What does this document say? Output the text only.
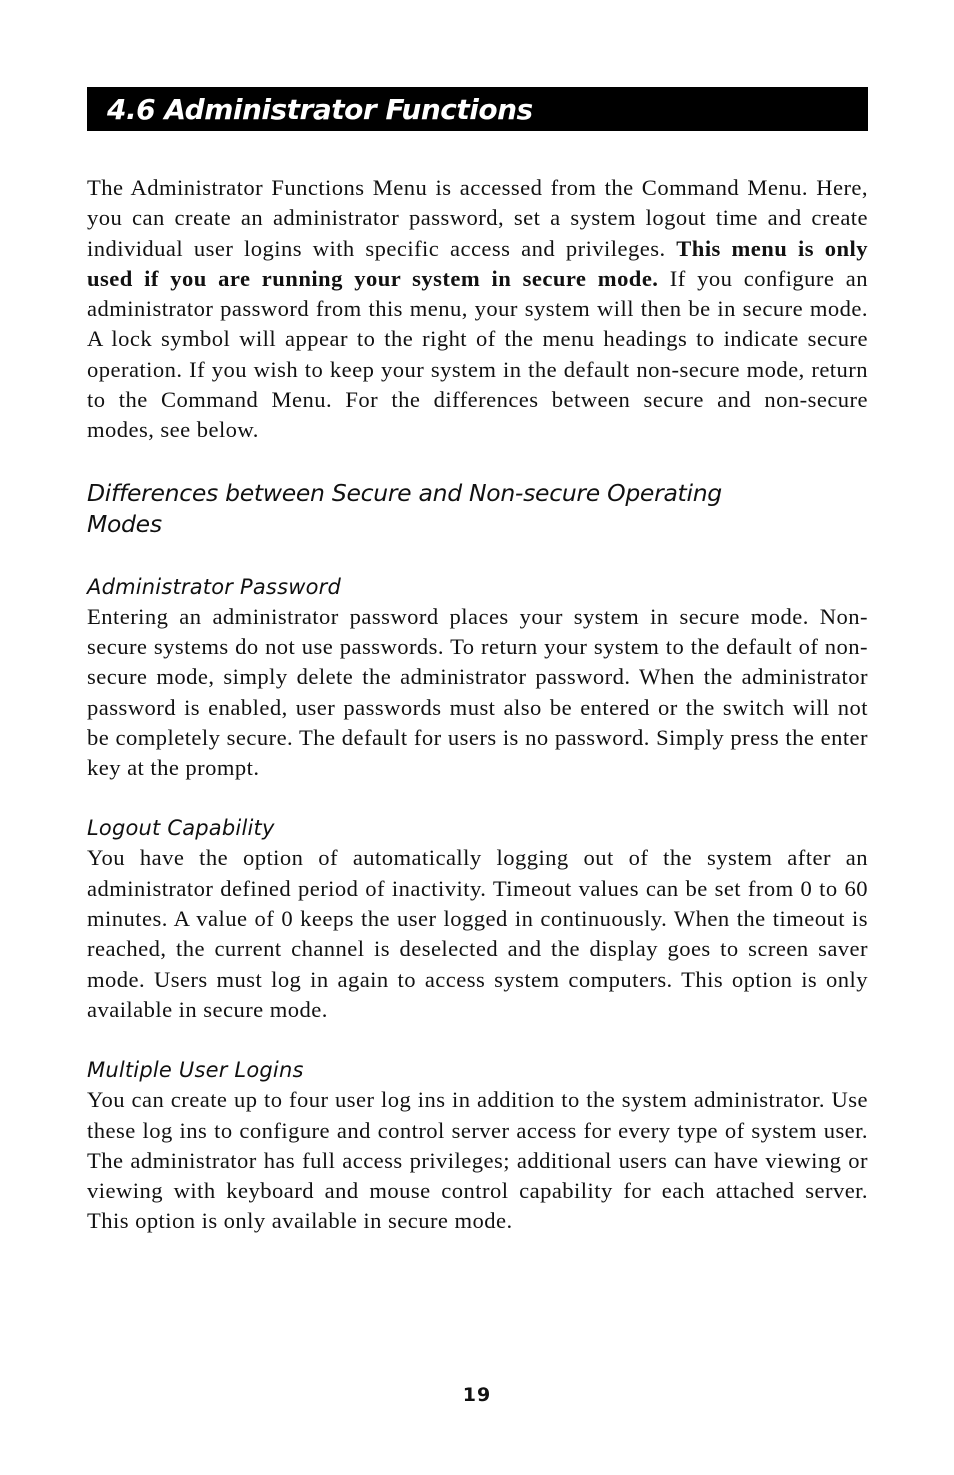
4.6 Administrator Functions

The Administrator Functions Menu is accessed from the Command Menu. Here, you can create an administrator password, set a system logout time and create individual user logins with specific access and privileges. This menu is only used if you are running your system in secure mode. If you configure an administrator password from this menu, your system will then be in secure mode. A lock symbol will appear to the right of the menu headings to indicate secure operation. If you wish to keep your system in the default non-secure mode, return to the Command Menu. For the differences between secure and non-secure modes, see below.

Differences between Secure and Non-secure Operating Modes
Administrator Password

Entering an administrator password places your system in secure mode. Non-secure systems do not use passwords. To return your system to the default of non-secure mode, simply delete the administrator password. When the administrator password is enabled, user passwords must also be entered or the switch will not be completely secure. The default for users is no password. Simply press the enter key at the prompt.

Logout Capability

You have the option of automatically logging out of the system after an administrator defined period of inactivity. Timeout values can be set from 0 to 60 minutes. A value of 0 keeps the user logged in continuously. When the timeout is reached, the current channel is deselected and the display goes to screen saver mode. Users must log in again to access system computers. This option is only available in secure mode.

Multiple User Logins

You can create up to four user log ins in addition to the system administrator. Use these log ins to configure and control server access for every type of system user. The administrator has full access privileges; additional users can have viewing or viewing with keyboard and mouse control capability for each attached server. This option is only available in secure mode.

19
